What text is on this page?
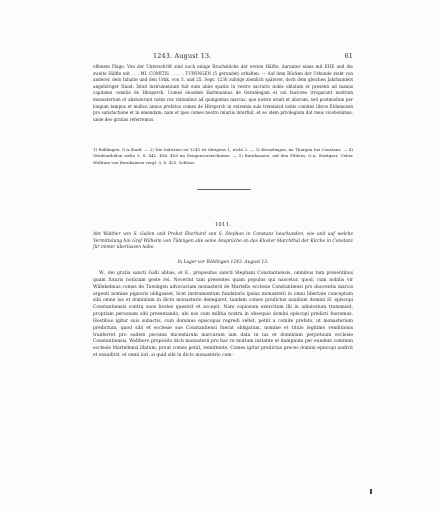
1243. August 13.	61

offenem Plage. Von der Unterschrift sind noch einige Bruchstücke der ersten Hälfte, darunter eines mit EHE und die zweite Hälfte mit . . . MI. COMITIS . . . . . TUWINGEN (5 gerundet) erhalten. — Auf dem Rücken der Urkunde steht von anderer, dem Inhalte und den Urkk. von 5. und 25. Sept. 1236 zufolge ziemlich späterer, doch dem gleichen Jahrhundert angehöriger Hand: Istud instrumentum fuit eum ubiie spatiis in vestro sacrario nobis oblatum et presenti ad manus capitanei comitis de Hirsperch. Comes eiusdem Hartmannus de Oeranlegam et sui fautores irrogarunt nostrum monasterium et abstulerunt nobis rex rationibus ad quingentas marcas, que nostre erant et aliorum, sed postmodum per longum tempus et multos annos prefatus comes de Hirsperch in extremis suis tremmisit nobis comites libros Eldemoism pro satisfactione et in emendam; nam et ipse comes nostro iniuriis interfuit, et eo idem privilegium dat meis vicebonimus, unde deo gratias referremus.

1) Böblingen, O.A.Stadt. — 2) Die Indiction ist 1243 ist übrigens 1, nicht 2. — 3) Kreuzlingen, im Thurgau bei Constanz. — 4) Ottobeuthülen siehe 3, S. 441. 456. 458 im Zeugenverzeichnisse. — 5) Bernhausen, auf den Fildern, O.A. Stuttgart, Ueber Wolfram von Bernhausen vergl. 3, S. 425, Schloss.

1011.
Abt Walther von S. Gallen und Probst Eberhard von S. Stephan in Constanz beurkunden, wie und auf welche Vermittelung hin Graf Wilhelm von Tübingen alle seine Ansprüche an das Kloster Marchthal der Kirche in Constanz für immer überlassen habe.
In Lager vor Böblingen 1243. August 13.

W., dei gratia sancti Galli abbas, et E., prepositus sancti Stephani Constantiensis, omnibus tam presentibus quam futuris noticiam geste rei. Noverint tam presentes quam populus qui nascetur, quod, cum nobilis vir Willehelmus comes de Tuwingen advocaciam monasterii de Martello ecclesie Constantiensi pro duocentis marcis argenti nomine pignoris obligasset, licet instrumentum fundatoris ipsius monasterii in omni libertate conceptum sibi omne ius et dominium in dicto monasterio denegaret, tandem comes predictus auxilium domini H. episcopi Constantiensis contra suos hostes quesivit et accepit. Nam copiosum exercitum illi in adiutorium transmisit, propriam personam sibi presentando, ubi nos cum militia nostra in obsequio domini episcopi predicti fueramus. Hostibus igitur suis subactis, cum dominus episcopus regredi vellet, petiit a comite prefato, ut monasterium predictum, quod sibi et ecclesie sue Constantiensi fuerat obligatum, nomine et titulo legitime venditionis tranferret pro eadem pecunia ducentarum marcarum iam data in ius et dominium perpetuum ecclesie Constantiensis, Walthero preposito dicti monasterii pro hac re multum instante et dampnum per eundem comitem ecclesie Martellensi illatum, prout comes petiit, remittente. Comes igitur predictas preces domini episcopi audivit et exaudivit, et omni iuri, si quid sibi in dicto monasterio com-
